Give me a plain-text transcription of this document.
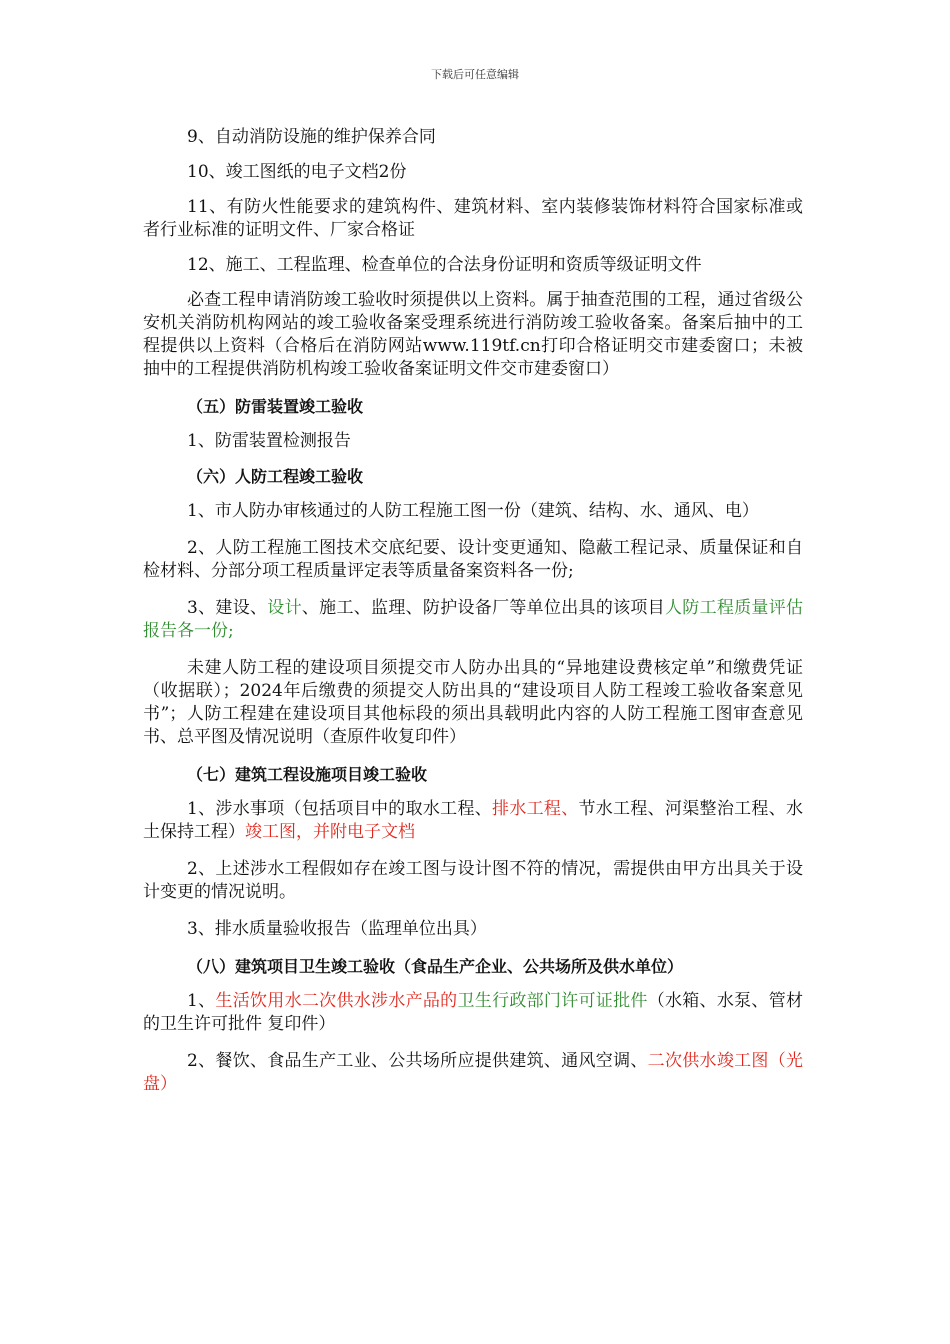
下载后可任意编辑

9、自动消防设施的维护保养合同

10、竣工图纸的电子文档2份

11、有防火性能要求的建筑构件、建筑材料、室内装修装饰材料符合国家标准或者行业标准的证明文件、厂家合格证

12、施工、工程监理、检查单位的合法身份证明和资质等级证明文件

必查工程申请消防竣工验收时须提供以上资料。属于抽查范围的工程，通过省级公安机关消防机构网站的竣工验收备案受理系统进行消防竣工验收备案。备案后抽中的工程提供以上资料（合格后在消防网站www.119tf.cn打印合格证明交市建委窗口；未被抽中的工程提供消防机构竣工验收备案证明文件交市建委窗口）

（五）防雷装置竣工验收

1、防雷装置检测报告

（六）人防工程竣工验收

1、市人防办审核通过的人防工程施工图一份（建筑、结构、水、通风、电）

2、人防工程施工图技术交底纪要、设计变更通知、隐蔽工程记录、质量保证和自检材料、分部分项工程质量评定表等质量备案资料各一份;

3、建设、设计、施工、监理、防护设备厂等单位出具的该项目人防工程质量评估报告各一份;

未建人防工程的建设项目须提交市人防办出具的“异地建设费核定单”和缴费凭证（收据联）；2024年后缴费的须提交人防出具的“建设项目人防工程竣工验收备案意见书”；人防工程建在建设项目其他标段的须出具载明此内容的人防工程施工图审查意见书、总平图及情况说明（查原件收复印件）

（七）建筑工程设施项目竣工验收

1、涉水事项（包括项目中的取水工程、排水工程、节水工程、河渠整治工程、水土保持工程）竣工图，并附电子文档

2、上述涉水工程假如存在竣工图与设计图不符的情况，需提供由甲方出具关于设计变更的情况说明。

3、排水质量验收报告（监理单位出具）

（八）建筑项目卫生竣工验收（食品生产企业、公共场所及供水单位）

1、生活饮用水二次供水涉水产品的卫生行政部门许可证批件（水箱、水泵、管材的卫生许可批件 复印件）

2、餐饮、食品生产工业、公共场所应提供建筑、通风空调、二次供水竣工图（光盘）
